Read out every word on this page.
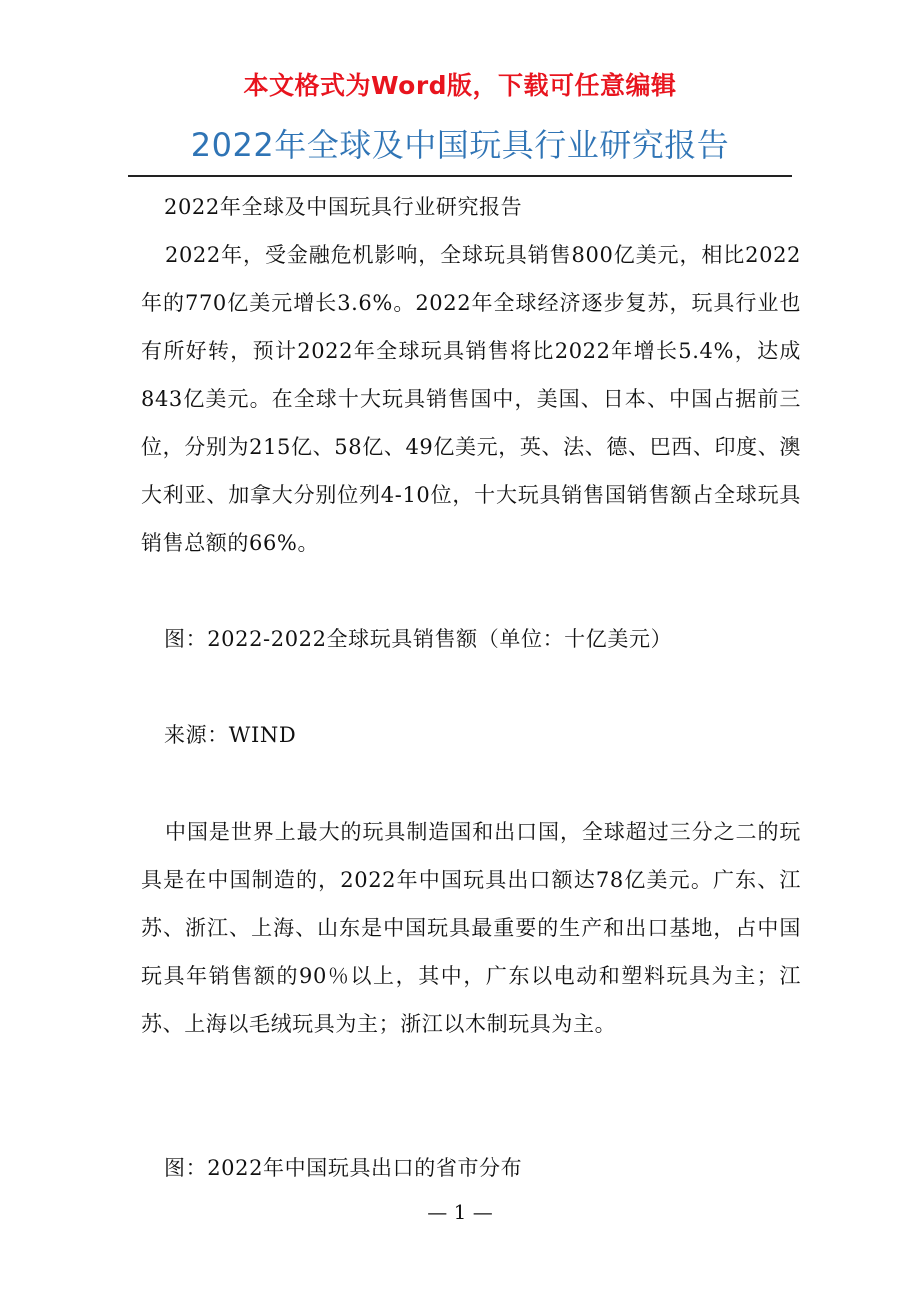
本文格式为Word版，下载可任意编辑
2022年全球及中国玩具行业研究报告
2022年全球及中国玩具行业研究报告
2022年，受金融危机影响，全球玩具销售800亿美元，相比2022年的770亿美元增长3.6%。2022年全球经济逐步复苏，玩具行业也有所好转，预计2022年全球玩具销售将比2022年增长5.4%，达成843亿美元。在全球十大玩具销售国中，美国、日本、中国占据前三位，分别为215亿、58亿、49亿美元，英、法、德、巴西、印度、澳大利亚、加拿大分别位列4-10位，十大玩具销售国销售额占全球玩具销售总额的66%。
图：2022-2022全球玩具销售额（单位：十亿美元）
来源：WIND
中国是世界上最大的玩具制造国和出口国，全球超过三分之二的玩具是在中国制造的，2022年中国玩具出口额达78亿美元。广东、江苏、浙江、上海、山东是中国玩具最重要的生产和出口基地，占中国玩具年销售额的90％以上，其中，广东以电动和塑料玩具为主；江苏、上海以毛绒玩具为主；浙江以木制玩具为主。
图：2022年中国玩具出口的省市分布
— 1 —
